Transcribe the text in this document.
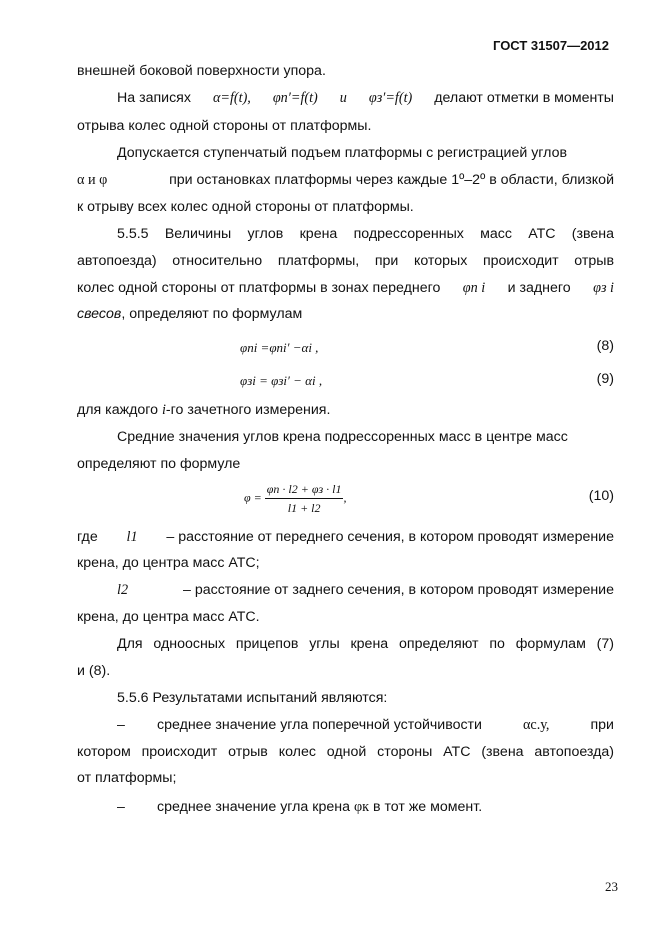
ГОСТ 31507—2012
внешней боковой поверхности упора.
На записях α=f(t), φп′=f(t) и φз′=f(t) делают отметки в моменты
отрыва колес одной стороны от платформы.
Допускается ступенчатый подъем платформы с регистрацией углов
α и φ	при остановках платформы через каждые 1º–2º в области, близкой
к отрыву всех колес одной стороны от платформы.
5.5.5 Величины углов крена подрессоренных масс АТС (звена
автопоезда) относительно платформы, при которых происходит отрыв
колес одной стороны от платформы в зонах переднего φп i и заднего φз i
свесов, определяют по формулам
φпi =φпi′ −αi ,	(8)
φзi = φзi′ − αi ,	(9)
для каждого i-го зачетного измерения.
Средние значения углов крена подрессоренных масс в центре масс
определяют по формуле
$\varphi = \frac{\varphi п \cdot l2 + \varphi з \cdot l1}{l1 + l2}$ ,	(10)
где l1 – расстояние от переднего сечения, в котором проводят измерение
крена, до центра масс АТС;
l2	– расстояние от заднего сечения, в котором проводят измерение
крена, до центра масс АТС.
Для одноосных прицепов углы крена определяют по формулам (7)
и (8).
5.5.6 Результатами испытаний являются:
– среднее значение угла поперечной устойчивости	αс.у,	при
котором происходит отрыв колес одной стороны АТС (звена автопоезда)
от платформы;
– среднее значение угла крена φк в тот же момент.
23
